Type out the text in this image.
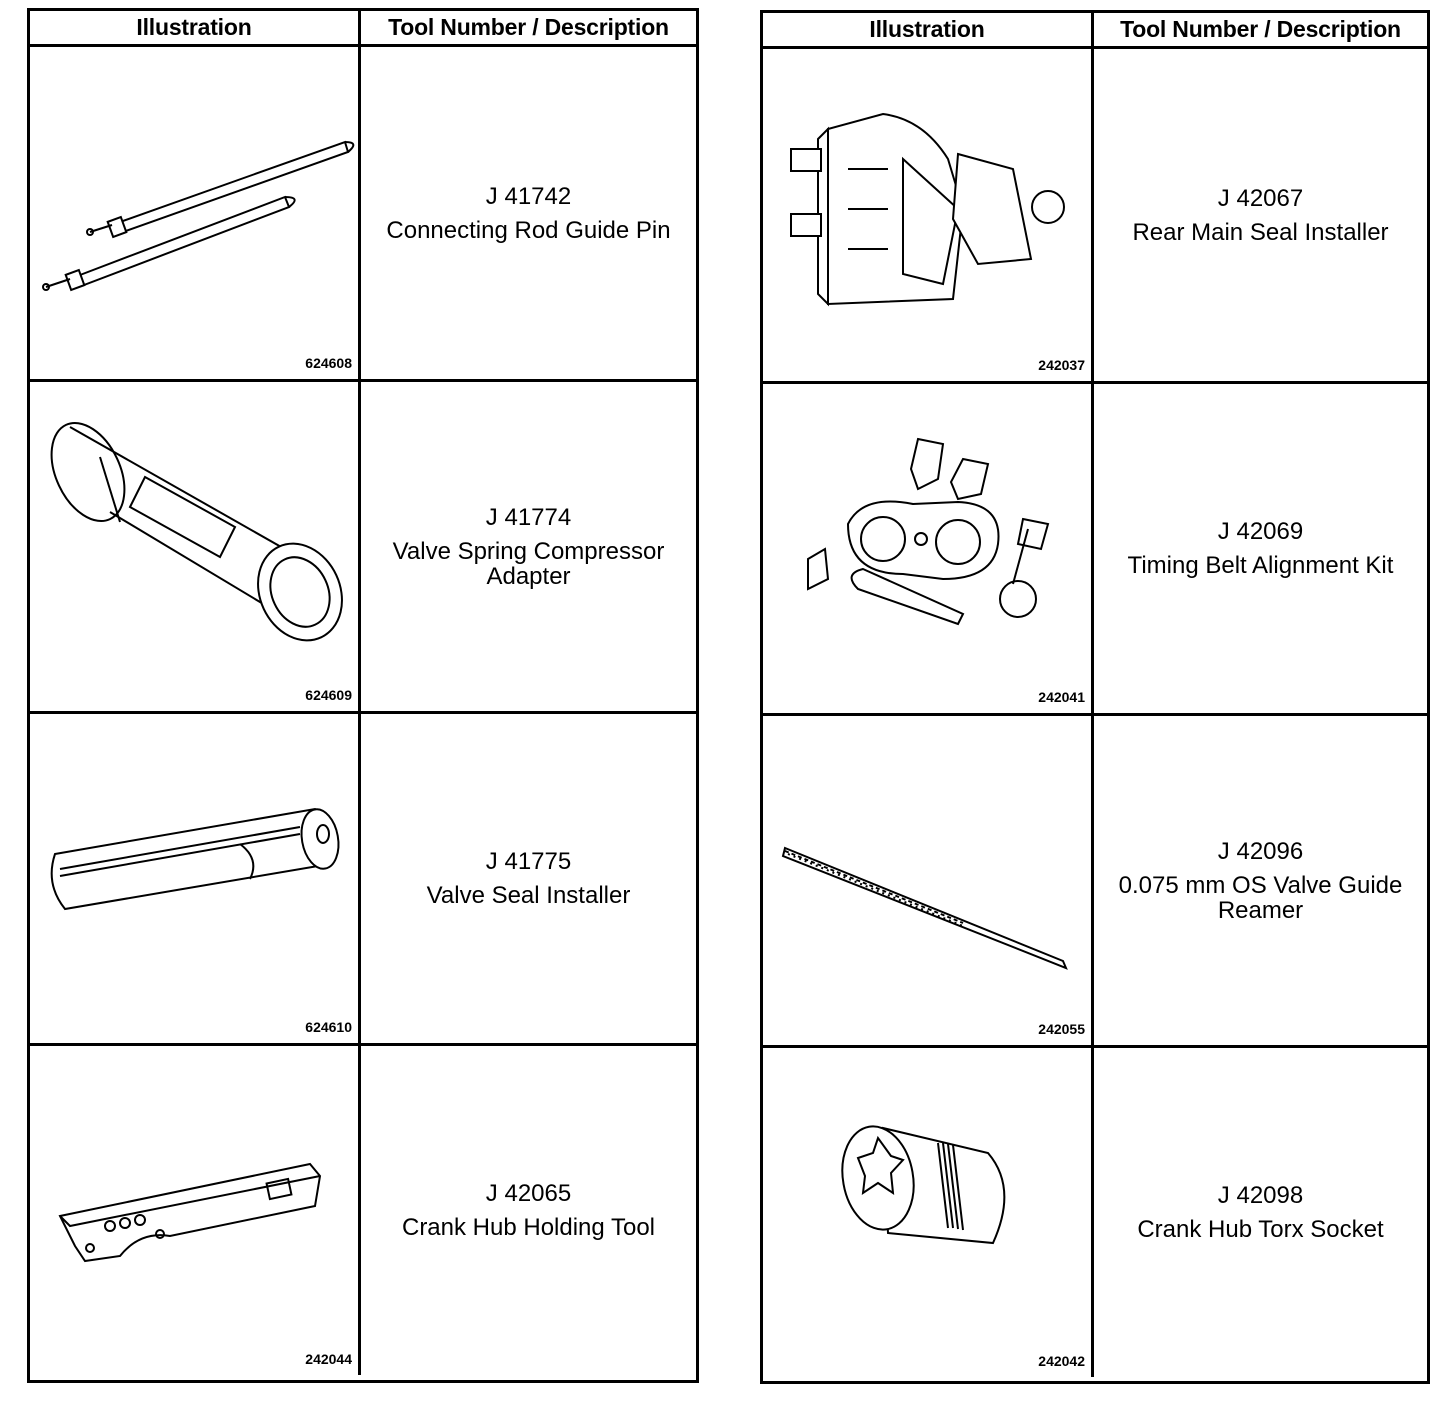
Illustration	Tool Number / Description
624608
J 41742
Connecting Rod Guide Pin
624609
J 41774
Valve Spring Compressor Adapter
624610
J 41775
Valve Seal Installer
242044
J 42065
Crank Hub Holding Tool
Illustration	Tool Number / Description
242037
J 42067
Rear Main Seal Installer
242041
J 42069
Timing Belt Alignment Kit
242055
J 42096
0.075 mm OS Valve Guide Reamer
242042
J 42098
Crank Hub Torx Socket
